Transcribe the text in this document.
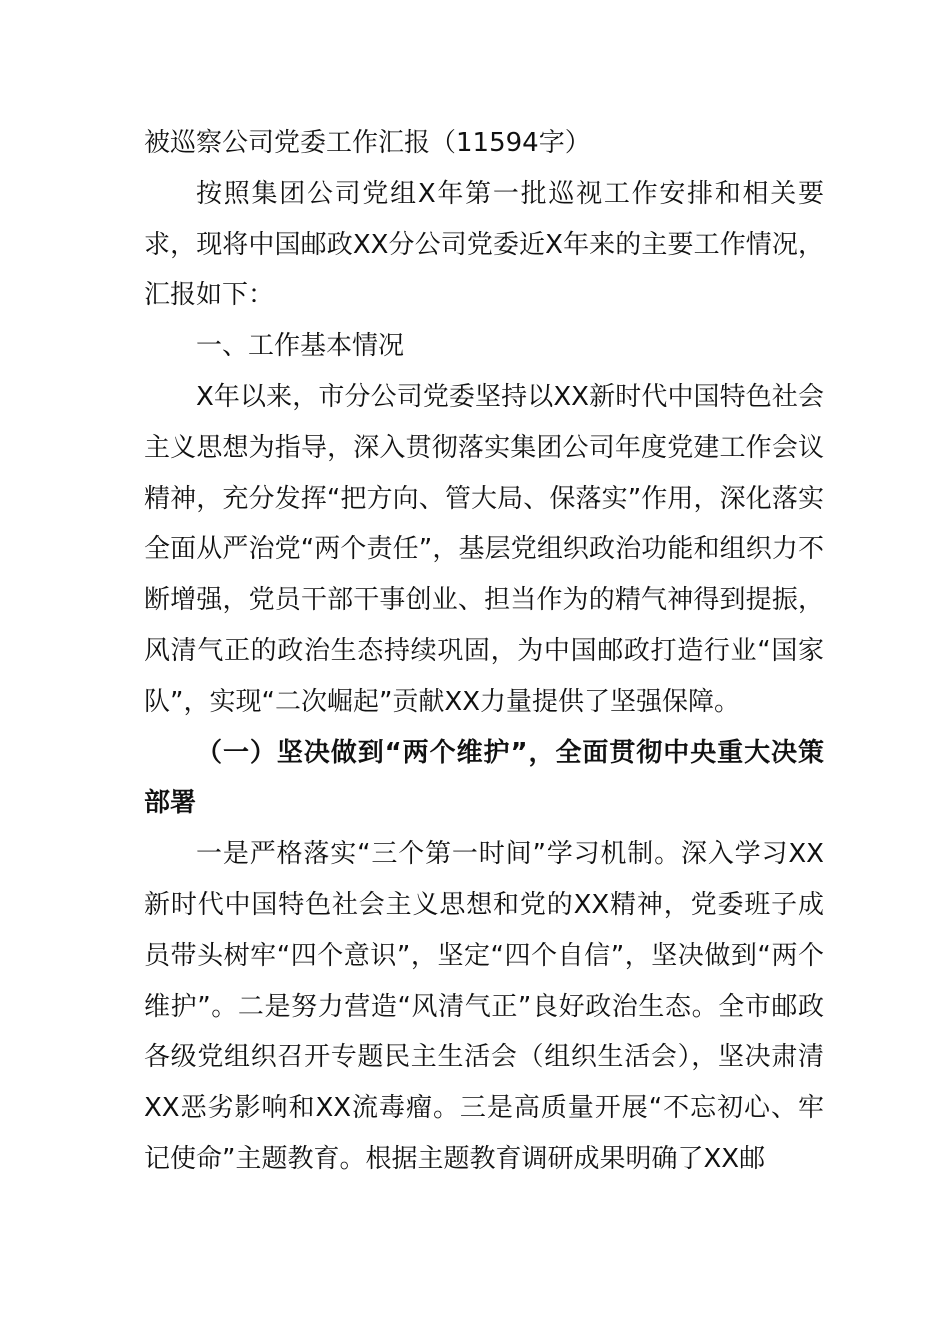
被巡察公司党委工作汇报（11594字）

按照集团公司党组X年第一批巡视工作安排和相关要求，现将中国邮政XX分公司党委近X年来的主要工作情况，汇报如下：

一、工作基本情况

X年以来，市分公司党委坚持以XX新时代中国特色社会主义思想为指导，深入贯彻落实集团公司年度党建工作会议精神，充分发挥“把方向、管大局、保落实”作用，深化落实全面从严治党“两个责任”，基层党组织政治功能和组织力不断增强，党员干部干事创业、担当作为的精气神得到提振，风清气正的政治生态持续巩固，为中国邮政打造行业“国家队”，实现“二次崛起”贡献XX力量提供了坚强保障。

（一）坚决做到“两个维护”，全面贯彻中央重大决策部署

一是严格落实“三个第一时间”学习机制。深入学习XX新时代中国特色社会主义思想和党的XX精神，党委班子成员带头树牢“四个意识”，坚定“四个自信”，坚决做到“两个维护”。二是努力营造“风清气正”良好政治生态。全市邮政各级党组织召开专题民主生活会（组织生活会），坚决肃清XX恶劣影响和XX流毒瘤。三是高质量开展“不忘初心、牢记使命”主题教育。根据主题教育调研成果明确了XX邮
